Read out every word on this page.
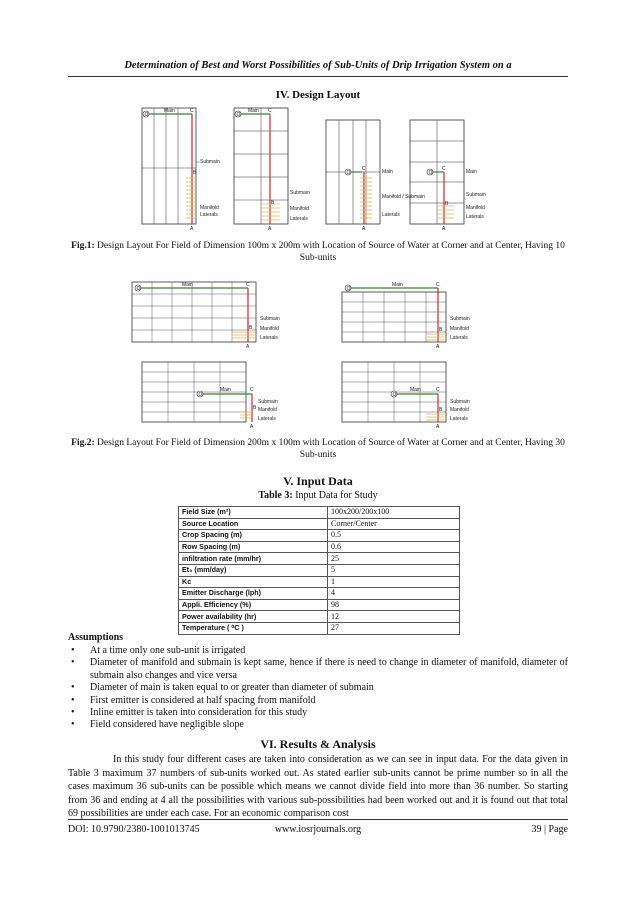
Determination of Best and Worst Possibilities of Sub-Units of Drip Irrigation System on a
IV. Design Layout
O
Main	C
B
A
Submain
Manifold
Laterals
O
Main C
B
A
Submain
Manifold
Laterals
O
C
A
Main
Manifold / Submain
Laterals
O
C
B
A
Main
Submain
Manifold
Laterals
Fig.1: Design Layout For Field of Dimension 100m x 200m with Location of Source of Water at Corner and at Center, Having 10 Sub-units
O
Main	C
B
A
Submain
Manifold
Laterals
O
Main	C
B
A
Submain
Manifold
Laterals
O
Main	C
B
A
Submain
Manifold
Laterals
O
Main	C
B
A
Submain
Manifold
Laterals
Fig.2: Design Layout For Field of Dimension 200m x 100m with Location of Source of Water at Corner and at Center, Having 30 Sub-units
V. Input Data
Table 3: Input Data for Study
Field Size (m²)	100x200/200x100
Source Location	Corner/Center
Crop Spacing (m)	0.5
Row Spacing (m)	0.6
infiltration rate (mm/hr)	25
Et₀ (mm/day)	5
Kc	1
Emitter Discharge (lph)	4
Appli. Efficiency (%)	98
Power availability (hr)	12
Temperature ( ⁰C )	27
Assumptions
• At a time only one sub-unit is irrigated
• Diameter of manifold and submain is kept same, hence if there is need to change in diameter of manifold, diameter of submain also changes and vice versa
• Diameter of main is taken equal to or greater than diameter of submain
• First emitter is considered at half spacing from manifold
• Inline emitter is taken into consideration for this study
• Field considered have negligible slope
VI. Results & Analysis

In this study four different cases are taken into consideration as we can see in input data. For the data given in Table 3 maximum 37 numbers of sub-units worked out. As stated earlier sub-units cannot be prime number so in all the cases maximum 36 sub-units can be possible which means we cannot divide field into more than 36 number. So starting from 36 and ending at 4 all the possibilities with various sub-possibilities had been worked out and it is found out that total 69 possibilities are under each case. For an economic comparison cost

DOI: 10.9790/2380-1001013745	www.iosrjournals.org	39 | Page
